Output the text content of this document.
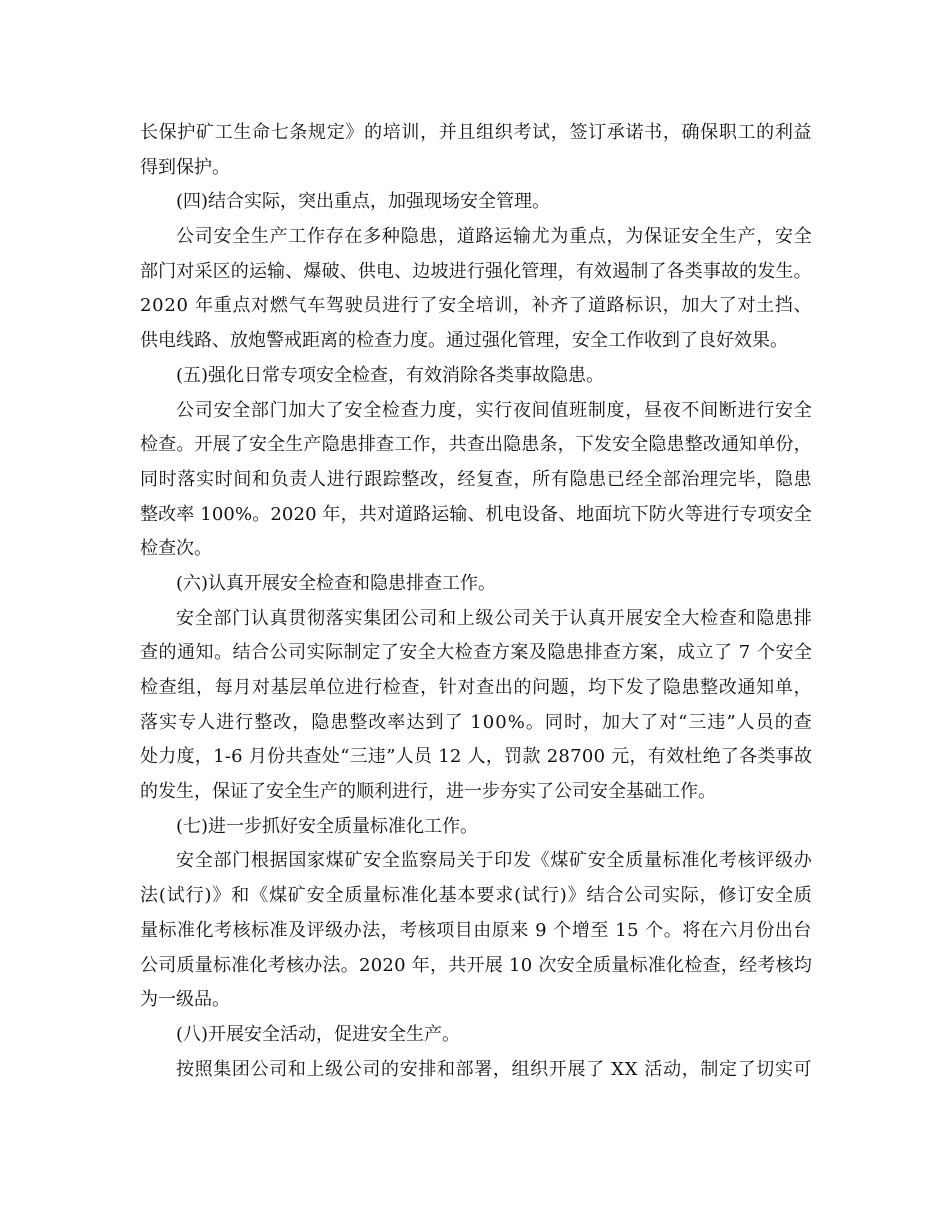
长 保 护 矿 工 生 命 七 条 规 定 》 的 培 训 ， 并 且 组 织 考 试 ， 签 订 承 诺 书 ， 确 保 职 工 的 利 益
得到保护。
(四)结合实际，突出重点，加强现场安全管理。
公 司 安 全 生 产 工 作 存 在 多 种 隐 患 ， 道 路 运 输 尤 为 重 点 ， 为 保 证 安 全 生 产 ， 安 全
部 门 对 采 区 的 运 输 、 爆 破 、 供 电 、 边 坡 进 行 强 化 管 理 ， 有 效 遏 制 了 各 类 事 故 的 发 生 。
2 0 2 0
年 重 点 对 燃 气 车 驾 驶 员 进 行 了 安 全 培 训 ， 补 齐 了 道 路 标 识 ， 加 大 了 对 土 挡 、
供电线路、放炮警戒距离的检查力度。通过强化管理，安全工作收到了良好效果。
(五)强化日常专项安全检查，有效消除各类事故隐患。
公 司 安 全 部 门 加 大 了 安 全 检 查 力 度 ， 实 行 夜 间 值 班 制 度 ， 昼 夜 不 间 断 进 行 安 全
检 查 。 开 展 了 安 全 生 产 隐 患 排 查 工 作 ， 共 查 出 隐 患 条 ， 下 发 安 全 隐 患 整 改 通 知 单 份 ，
同 时 落 实 时 间 和 负 责 人 进 行 跟 踪 整 改 ， 经 复 查 ， 所 有 隐 患 已 经 全 部 治 理 完 毕 ， 隐 患
整 改 率
1 0 0 % 。 2 0 2 0
年 ， 共 对 道 路 运 输 、 机 电 设 备 、 地 面 坑 下 防 火 等 进 行 专 项 安 全
检查次。
(六)认真开展安全检查和隐患排查工作。
安 全 部 门 认 真 贯 彻 落 实 集 团 公 司 和 上 级 公 司 关 于 认 真 开 展 安 全 大 检 查 和 隐 患 排
查 的 通 知 。 结 合 公 司 实 际 制 定 了 安 全 大 检 查 方 案 及 隐 患 排 查 方 案 ， 成 立 了
7
个 安 全
检 查 组 ， 每 月 对 基 层 单 位 进 行 检 查 ， 针 对 查 出 的 问 题 ， 均 下 发 了 隐 患 整 改 通 知 单 ，
落 实 专 人 进 行 整 改 ， 隐 患 整 改 率 达 到 了
1 0 0 % 。 同 时 ， 加 大 了 对 “ 三 违 ” 人 员 的 查
处 力 度 ， 1 - 6
月 份 共 查 处 “ 三 违 ” 人 员
1 2
人 ， 罚 款
2 8 7 0 0
元 ， 有 效 杜 绝 了 各 类 事 故
的发生，保证了安全生产的顺利进行，进一步夯实了公司安全基础工作。
(七)进一步抓好安全质量标准化工作。
安 全 部 门 根 据 国 家 煤 矿 安 全 监 察 局 关 于 印 发 《 煤 矿 安 全 质 量 标 准 化 考 核 评 级 办
法 ( 试 行 ) 》 和 《 煤 矿 安 全 质 量 标 准 化 基 本 要 求 ( 试 行 ) 》 结 合 公 司 实 际 ， 修 订 安 全 质
量 标 准 化 考 核 标 准 及 评 级 办 法 ， 考 核 项 目 由 原 来
9
个 增 至
1 5
个 。 将 在 六 月 份 出 台
公 司 质 量 标 准 化 考 核 办 法 。 2 0 2 0
年 ， 共 开 展
1 0
次 安 全 质 量 标 准 化 检 查 ， 经 考 核 均
为一级品。
(八)开展安全活动，促进安全生产。
按 照 集 团 公 司 和 上 级 公 司 的 安 排 和 部 署 ， 组 织 开 展 了
X X
活 动 ， 制 定 了 切 实 可
